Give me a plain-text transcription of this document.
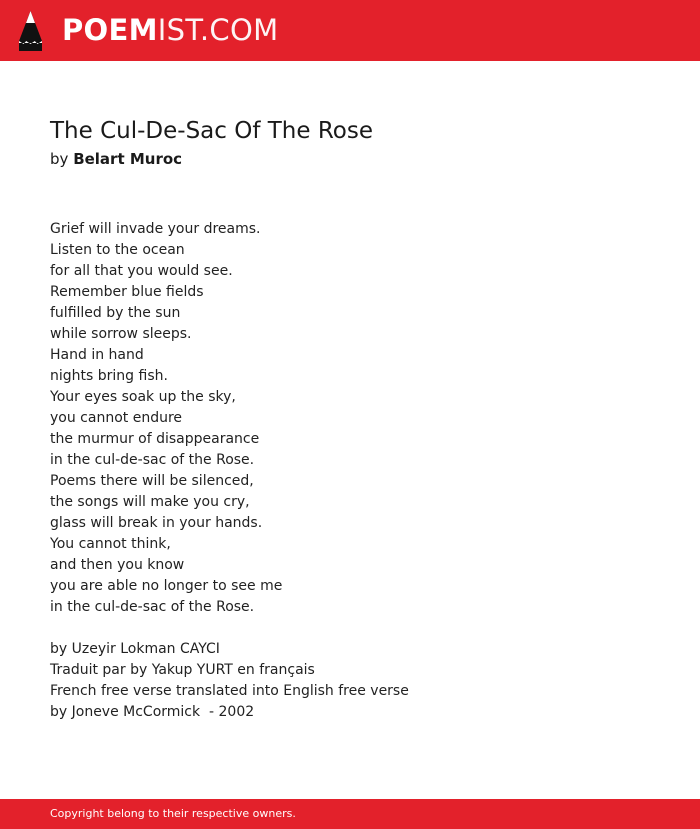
POEMIST.COM
The Cul-De-Sac Of The Rose
by Belart Muroc
Grief will invade your dreams.
Listen to the ocean
for all that you would see.
Remember blue fields
fulfilled by the sun
while sorrow sleeps.
Hand in hand
nights bring fish.
Your eyes soak up the sky,
you cannot endure
the murmur of disappearance
in the cul-de-sac of the Rose.
Poems there will be silenced,
the songs will make you cry,
glass will break in your hands.
You cannot think,
and then you know
you are able no longer to see me
in the cul-de-sac of the Rose.
by Uzeyir Lokman CAYCI
Traduit par by Yakup YURT en français
French free verse translated into English free verse
by Joneve McCormick  - 2002
Copyright belong to their respective owners.
